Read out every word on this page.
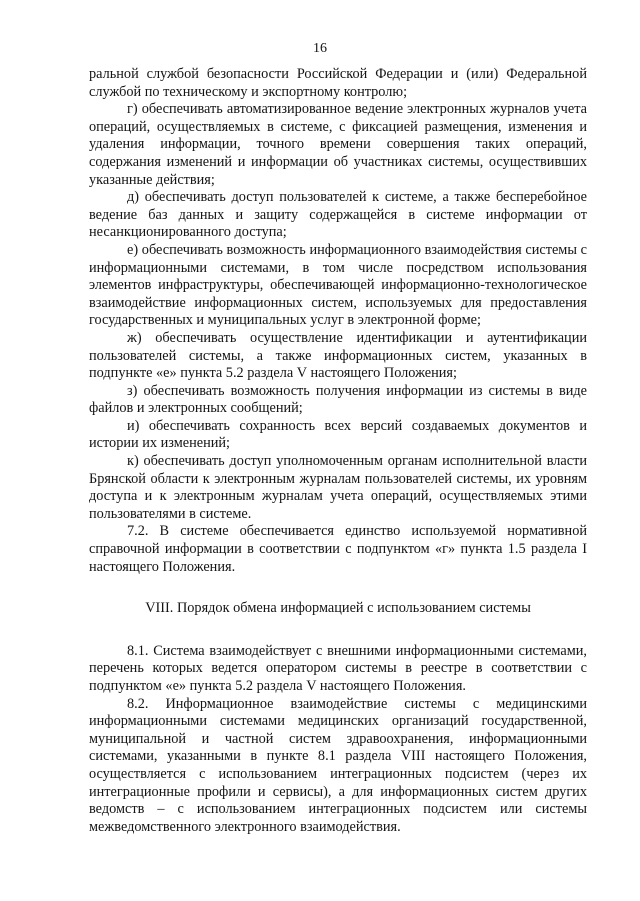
16

ральной службой безопасности Российской Федерации и (или) Федеральной службой по техническому и экспортному контролю;

г) обеспечивать автоматизированное ведение электронных журналов учета операций, осуществляемых в системе, с фиксацией размещения, изменения и удаления информации, точного времени совершения таких операций, содержания изменений и информации об участниках системы, осуществивших указанные действия;

д) обеспечивать доступ пользователей к системе, а также бесперебойное ведение баз данных и защиту содержащейся в системе информации от несанкционированного доступа;

е) обеспечивать возможность информационного взаимодействия системы с информационными системами, в том числе посредством использования элементов инфраструктуры, обеспечивающей информационно-технологическое взаимодействие информационных систем, используемых для предоставления государственных и муниципальных услуг в электронной форме;

ж) обеспечивать осуществление идентификации и аутентификации пользователей системы, а также информационных систем, указанных в подпункте «е» пункта 5.2 раздела V настоящего Положения;

з) обеспечивать возможность получения информации из системы в виде файлов и электронных сообщений;

и) обеспечивать сохранность всех версий создаваемых документов и истории их изменений;

к) обеспечивать доступ уполномоченным органам исполнительной власти Брянской области к электронным журналам пользователей системы, их уровням доступа и к электронным журналам учета операций, осуществляемых этими пользователями в системе.

7.2. В системе обеспечивается единство используемой нормативной справочной информации в соответствии с подпунктом «г» пункта 1.5 раздела I настоящего Положения.

VIII. Порядок обмена информацией с использованием системы

8.1. Система взаимодействует с внешними информационными системами, перечень которых ведется оператором системы в реестре в соответствии с подпунктом «е» пункта 5.2 раздела V настоящего Положения.

8.2. Информационное взаимодействие системы с медицинскими информационными системами медицинских организаций государственной, муниципальной и частной систем здравоохранения, информационными системами, указанными в пункте 8.1 раздела VIII настоящего Положения, осуществляется с использованием интеграционных подсистем (через их интеграционные профили и сервисы), а для информационных систем других ведомств – с использованием интеграционных подсистем или системы межведомственного электронного взаимодействия.
